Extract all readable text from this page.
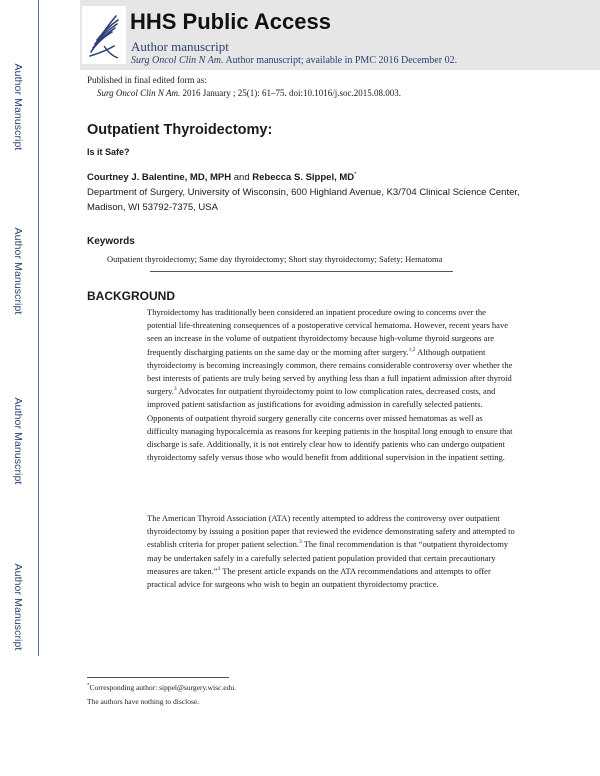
Author Manuscript
Author Manuscript
Author Manuscript
Author Manuscript
HHS Public Access
Author manuscript
Surg Oncol Clin N Am. Author manuscript; available in PMC 2016 December 02.
Published in final edited form as:
Surg Oncol Clin N Am. 2016 January ; 25(1): 61–75. doi:10.1016/j.soc.2015.08.003.
Outpatient Thyroidectomy:
Is it Safe?
Courtney J. Balentine, MD, MPH and Rebecca S. Sippel, MD*
Department of Surgery, University of Wisconsin, 600 Highland Avenue, K3/704 Clinical Science Center, Madison, WI 53792-7375, USA
Keywords
Outpatient thyroidectomy; Same day thyroidectomy; Short stay thyroidectomy; Safety; Hematoma
BACKGROUND
Thyroidectomy has traditionally been considered an inpatient procedure owing to concerns over the potential life-threatening consequences of a postoperative cervical hematoma. However, recent years have seen an increase in the volume of outpatient thyroidectomy because high-volume thyroid surgeons are frequently discharging patients on the same day or the morning after surgery.$^{1,2}$ Although outpatient thyroidectomy is becoming increasingly common, there remains considerable controversy over whether the best interests of patients are truly being served by anything less than a full inpatient admission after thyroid surgery.$^3$ Advocates for outpatient thyroidectomy point to low complication rates, decreased costs, and improved patient satisfaction as justifications for avoiding admission in carefully selected patients. Opponents of outpatient thyroid surgery generally cite concerns over missed hematomas as well as difficulty managing hypocalcemia as reasons for keeping patients in the hospital long enough to ensure that discharge is safe. Additionally, it is not entirely clear how to identify patients who can undergo outpatient thyroidectomy safely versus those who would benefit from additional supervision in the inpatient setting.
The American Thyroid Association (ATA) recently attempted to address the controversy over outpatient thyroidectomy by issuing a position paper that reviewed the evidence demonstrating safety and attempted to establish criteria for proper patient selection.$^3$ The final recommendation is that “outpatient thyroidectomy may be undertaken safely in a carefully selected patient population provided that certain precautionary measures are taken.”$^3$ The present article expands on the ATA recommendations and attempts to offer practical advice for surgeons who wish to begin an outpatient thyroidectomy practice.
*Corresponding author: sippel@surgery.wisc.edu.
The authors have nothing to disclose.
